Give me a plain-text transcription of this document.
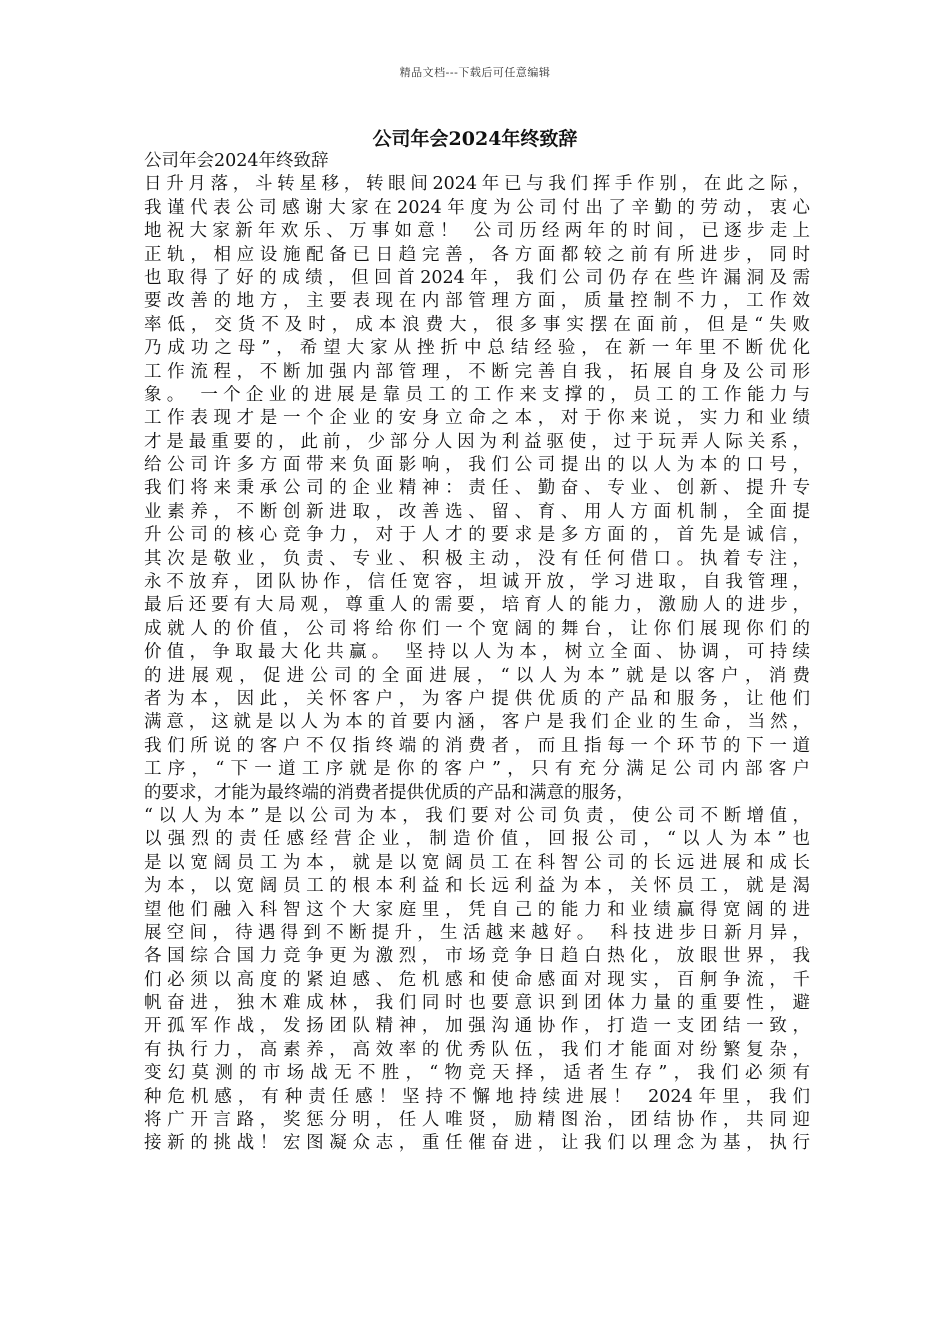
精品文档---下载后可任意编辑
公司年会2024年终致辞
公司年会2024年终致辞
日升月落，斗转星移，转眼间2024年已与我们挥手作别，在此之际，
我谨代表公司感谢大家在2024年度为公司付出了辛勤的劳动，衷心
地祝大家新年欢乐、万事如意！ 公司历经两年的时间，已逐步走上
正轨，相应设施配备已日趋完善，各方面都较之前有所进步，同时
也取得了好的成绩，但回首2024年，我们公司仍存在些许漏洞及需
要改善的地方，主要表现在内部管理方面，质量控制不力，工作效
率低，交货不及时，成本浪费大，很多事实摆在面前，但是“失败
乃成功之母”，希望大家从挫折中总结经验，在新一年里不断优化
工作流程，不断加强内部管理，不断完善自我，拓展自身及公司形
象。 一个企业的进展是靠员工的工作来支撑的，员工的工作能力与
工作表现才是一个企业的安身立命之本，对于你来说，实力和业绩
才是最重要的，此前，少部分人因为利益驱使，过于玩弄人际关系，
给公司许多方面带来负面影响，我们公司提出的以人为本的口号，
我们将来秉承公司的企业精神：责任、勤奋、专业、创新、提升专
业素养，不断创新进取，改善选、留、育、用人方面机制，全面提
升公司的核心竞争力，对于人才的要求是多方面的，首先是诚信，
其次是敬业，负责、专业、积极主动，没有任何借口。执着专注，
永不放弃，团队协作，信任宽容，坦诚开放，学习进取，自我管理，
最后还要有大局观，尊重人的需要，培育人的能力，激励人的进步，
成就人的价值，公司将给你们一个宽阔的舞台，让你们展现你们的
价值，争取最大化共赢。 坚持以人为本，树立全面、协调，可持续
的进展观，促进公司的全面进展，“以人为本”就是以客户，消费
者为本，因此，关怀客户，为客户提供优质的产品和服务，让他们
满意，这就是以人为本的首要内涵，客户是我们企业的生命，当然，
我们所说的客户不仅指终端的消费者，而且指每一个环节的下一道
工序，“下一道工序就是你的客户”，只有充分满足公司内部客户
的要求，才能为最终端的消费者提供优质的产品和满意的服务，
“以人为本”是以公司为本，我们要对公司负责，使公司不断增值，
以强烈的责任感经营企业，制造价值，回报公司，“以人为本”也
是以宽阔员工为本，就是以宽阔员工在科智公司的长远进展和成长
为本，以宽阔员工的根本利益和长远利益为本，关怀员工，就是渴
望他们融入科智这个大家庭里，凭自己的能力和业绩赢得宽阔的进
展空间，待遇得到不断提升，生活越来越好。 科技进步日新月异，
各国综合国力竞争更为激烈，市场竞争日趋白热化，放眼世界，我
们必须以高度的紧迫感、危机感和使命感面对现实，百舸争流，千
帆奋进，独木难成林，我们同时也要意识到团体力量的重要性，避
开孤军作战，发扬团队精神，加强沟通协作，打造一支团结一致，
有执行力，高素养，高效率的优秀队伍，我们才能面对纷繁复杂，
变幻莫测的市场战无不胜，“物竞天择，适者生存”，我们必须有
种危机感，有种责任感！坚持不懈地持续进展！ 2024年里，我们
将广开言路，奖惩分明，任人唯贤，励精图治，团结协作，共同迎
接新的挑战！宏图凝众志，重任催奋进，让我们以理念为基，执行
